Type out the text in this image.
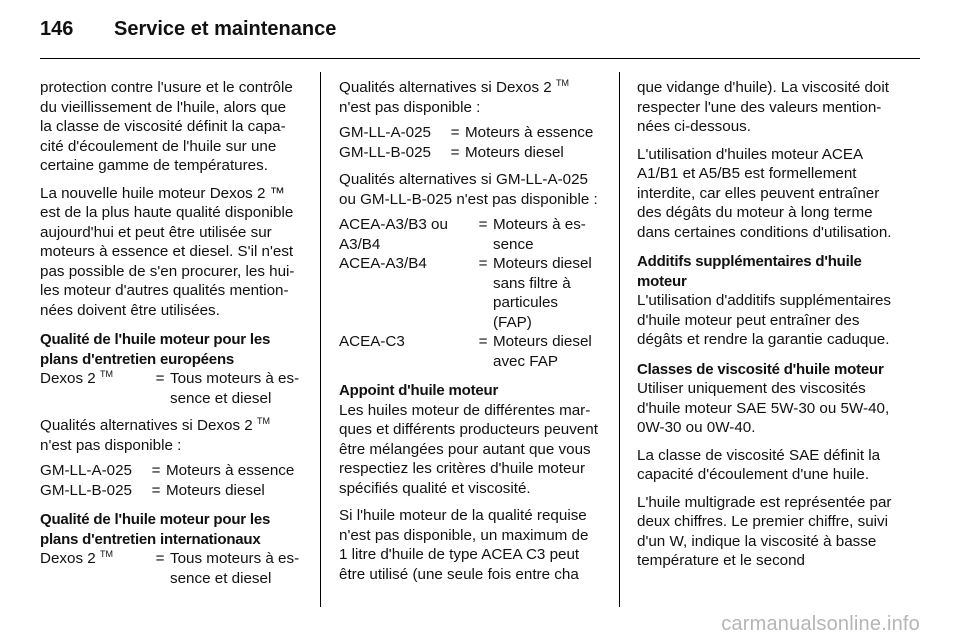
146	Service et maintenance

protection contre l'usure et le contrôle du vieillissement de l'huile, alors que la classe de viscosité définit la capacité d'écoulement de l'huile sur une certaine gamme de températures.

La nouvelle huile moteur Dexos 2 ™ est de la plus haute qualité disponible aujourd'hui et peut être utilisée sur moteurs à essence et diesel. S'il n'est pas possible de s'en procurer, les huiles moteur d'autres qualités mentionnées doivent être utilisées.

Qualité de l'huile moteur pour les plans d'entretien européens
Dexos 2 ™	=	Tous moteurs à essence et diesel

Qualités alternatives si Dexos 2 ™
n'est pas disponible :

GM-LL-A-025	=	Moteurs à essence
GM-LL-B-025	=	Moteurs diesel
Qualité de l'huile moteur pour les plans d'entretien internationaux
Dexos 2 ™	=	Tous moteurs à essence et diesel

Qualités alternatives si Dexos 2 ™
n'est pas disponible :

GM-LL-A-025	=	Moteurs à essence
GM-LL-B-025	=	Moteurs diesel

Qualités alternatives si GM-LL-A-025 ou GM-LL-B-025 n'est pas disponible :

ACEA-A3/B3 ou A3/B4	=	Moteurs à essence
ACEA-A3/B4	=	Moteurs diesel sans filtre à particules (FAP)
ACEA-C3	=	Moteurs diesel avec FAP
Appoint d'huile moteur

Les huiles moteur de différentes marques et différents producteurs peuvent être mélangées pour autant que vous respectiez les critères d'huile moteur spécifiés qualité et viscosité.

Si l'huile moteur de la qualité requise n'est pas disponible, un maximum de 1 litre d'huile de type ACEA C3 peut être utilisé (une seule fois entre cha

que vidange d'huile). La viscosité doit respecter l'une des valeurs mentionnées ci-dessous.

L'utilisation d'huiles moteur ACEA A1/B1 et A5/B5 est formellement interdite, car elles peuvent entraîner des dégâts du moteur à long terme dans certaines conditions d'utilisation.

Additifs supplémentaires d'huile moteur

L'utilisation d'additifs supplémentaires d'huile moteur peut entraîner des dégâts et rendre la garantie caduque.

Classes de viscosité d'huile moteur

Utiliser uniquement des viscosités d'huile moteur SAE 5W-30 ou 5W-40, 0W-30 ou 0W-40.

La classe de viscosité SAE définit la capacité d'écoulement d'une huile.

L'huile multigrade est représentée par deux chiffres. Le premier chiffre, suivi d'un W, indique la viscosité à basse température et le second

carmanualsonline.info
